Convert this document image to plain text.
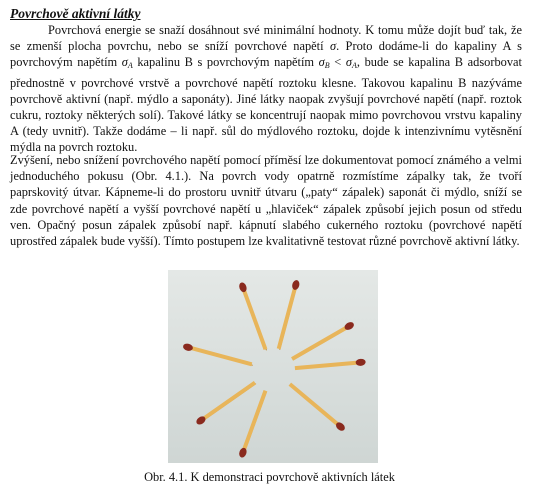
Povrchově aktivní látky

Povrchová energie se snaží dosáhnout své minimální hodnoty. K tomu může dojít buď tak, že se zmenší plocha povrchu, nebo se sníží povrchové napětí σ. Proto dodáme-li do kapaliny A s povrchovým napětím $\sigma_A$ kapalinu B s povrchovým napětím $\sigma_B < \sigma_A$, bude se kapalina B adsorbovat přednostně v povrchové vrstvě a povrchové napětí roztoku klesne. Takovou kapalinu B nazýváme povrchově aktivní (např. mýdlo a saponáty). Jiné látky naopak zvyšují povrchové napětí (např. roztok cukru, roztoky některých solí). Takové látky se koncentrují naopak mimo povrchovou vrstvu kapaliny A (tedy uvnitř). Takže dodáme – li např. sůl do mýdlového roztoku, dojde k intenzivnímu vytěsnění mýdla na povrch roztoku.

Zvýšení, nebo snížení povrchového napětí pomocí příměsí lze dokumentovat pomocí známého a velmi jednoduchého pokusu (Obr. 4.1.). Na povrch vody opatrně rozmístíme zápalky tak, že tvoří paprskovitý útvar. Kápneme-li do prostoru uvnitř útvaru („paty“ zápalek) saponát či mýdlo, sníží se zde povrchové napětí a vyšší povrchové napětí u „hlaviček“ zápalek způsobí jejich posun od středu ven. Opačný posun zápalek způsobí např. kápnutí slabého cukerného roztoku (povrchové napětí uprostřed zápalek bude vyšší). Tímto postupem lze kvalitativně testovat různé povrchově aktivní látky.

Obr. 4.1. K demonstraci povrchově aktivních látek
